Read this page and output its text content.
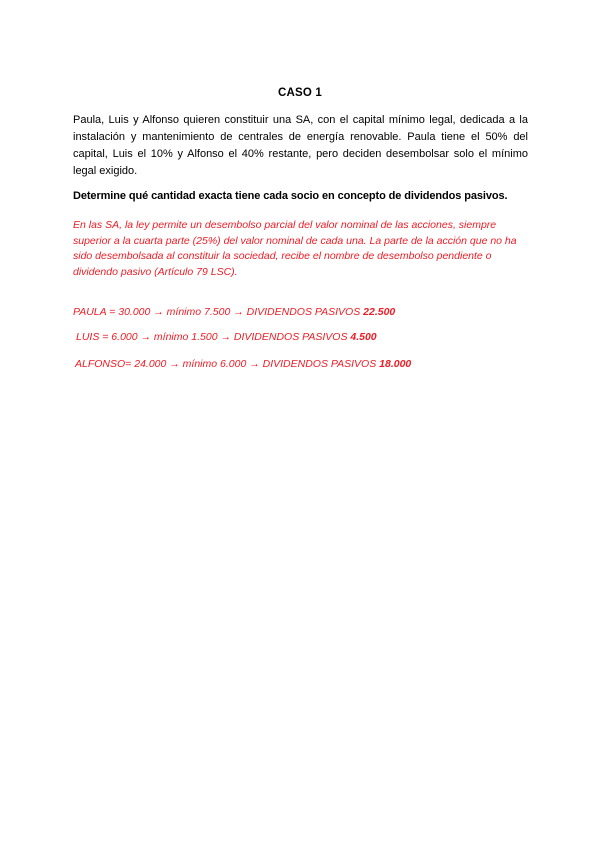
CASO 1

Paula, Luis y Alfonso quieren constituir una SA, con el capital mínimo legal, dedicada a la instalación y mantenimiento de centrales de energía renovable. Paula tiene el 50% del capital, Luis el 10% y Alfonso el 40% restante, pero deciden desembolsar solo el mínimo legal exigido.

Determine qué cantidad exacta tiene cada socio en concepto de dividendos pasivos.

En las SA, la ley permite un desembolso parcial del valor nominal de las acciones, siempre superior a la cuarta parte (25%) del valor nominal de cada una. La parte de la acción que no ha sido desembolsada al constituir la sociedad, recibe el nombre de desembolso pendiente o dividendo pasivo (Artículo 79 LSC).

PAULA = 30.000 → mínimo 7.500 → DIVIDENDOS PASIVOS 22.500

LUIS = 6.000 → mínimo 1.500 → DIVIDENDOS PASIVOS 4.500

ALFONSO= 24.000 → mínimo 6.000 → DIVIDENDOS PASIVOS 18.000
